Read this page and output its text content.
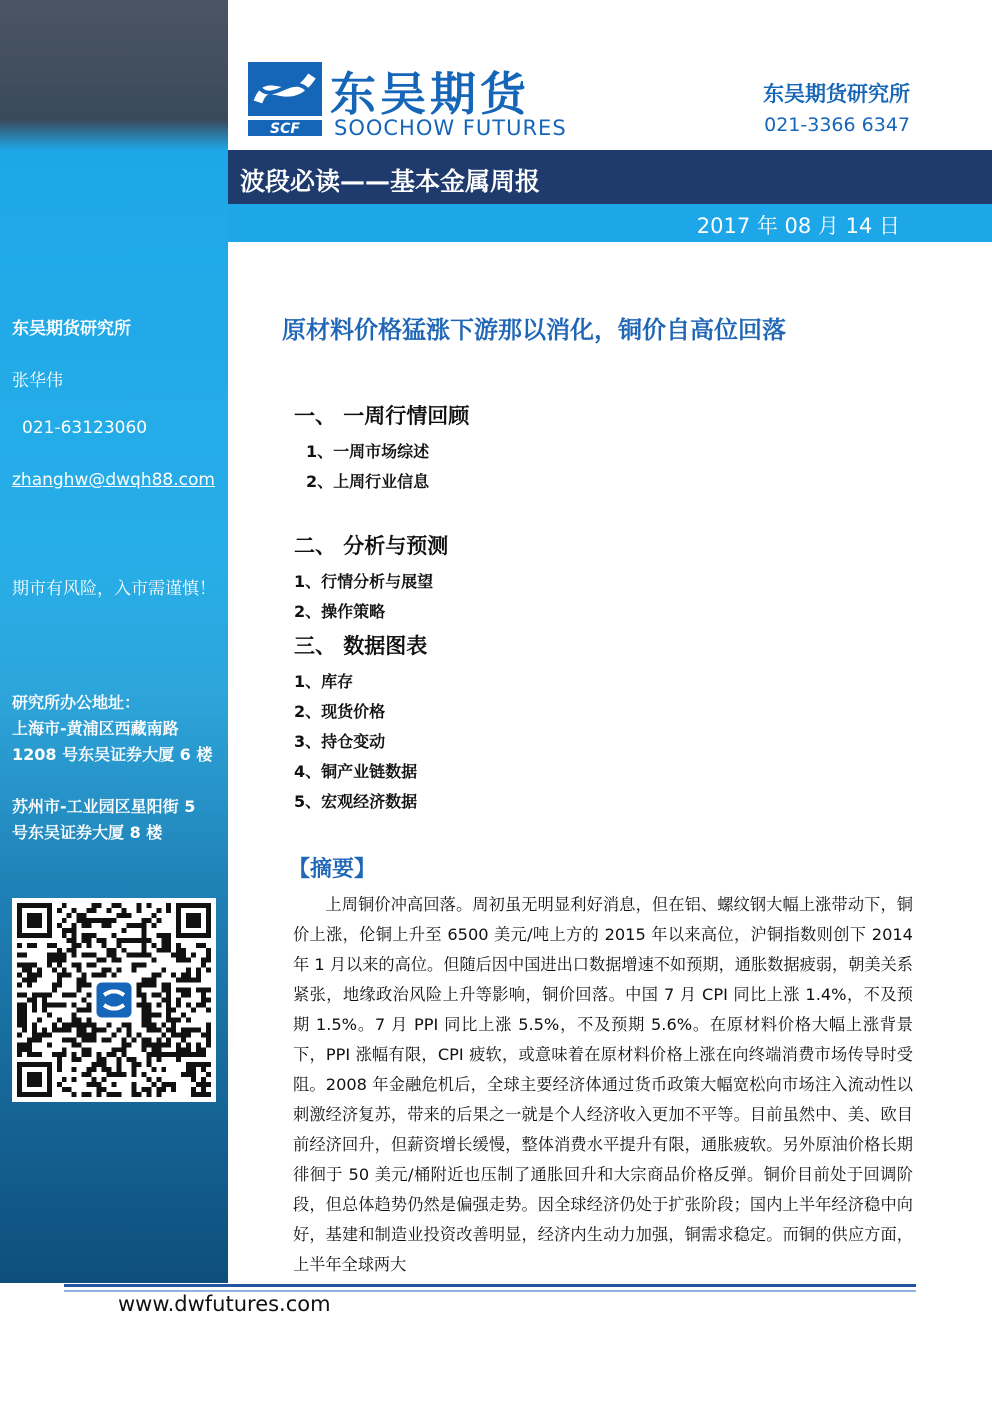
东吴期货研究所
张华伟
021-63123060
zhanghw@dwqh88.com
期市有风险，入市需谨慎！
研究所办公地址：
上海市-黄浦区西藏南路
1208 号东吴证券大厦 6 楼
苏州市-工业园区星阳街 5
号东吴证券大厦 8 楼
SCF
东吴期货
SOOCHOW FUTURES
东吴期货研究所
021-3366 6347
波段必读——基本金属周报
2017 年 08 月 14 日
原材料价格猛涨下游那以消化，铜价自高位回落
一、 一周行情回顾
1、一周市场综述
2、上周行业信息
二、 分析与预测
1、行情分析与展望
2、操作策略
三、 数据图表
1、库存
2、现货价格
3、持仓变动
4、铜产业链数据
5、宏观经济数据
【摘要】
上周铜价冲高回落。周初虽无明显利好消息，但在铝、螺纹钢大幅上涨带动下，铜价上涨，伦铜上升至 6500 美元/吨上方的 2015 年以来高位，沪铜指数则创下 2014 年 1 月以来的高位。但随后因中国进出口数据增速不如预期，通胀数据疲弱，朝美关系紧张，地缘政治风险上升等影响，铜价回落。中国 7 月 CPI 同比上涨 1.4%，不及预期 1.5%。7 月 PPI 同比上涨 5.5%，不及预期 5.6%。在原材料价格大幅上涨背景下，PPI 涨幅有限，CPI 疲软，或意味着在原材料价格上涨在向终端消费市场传导时受阻。2008 年金融危机后，全球主要经济体通过货币政策大幅宽松向市场注入流动性以刺激经济复苏，带来的后果之一就是个人经济收入更加不平等。目前虽然中、美、欧目前经济回升，但薪资增长缓慢，整体消费水平提升有限，通胀疲软。另外原油价格长期徘徊于 50 美元/桶附近也压制了通胀回升和大宗商品价格反弹。铜价目前处于回调阶段，但总体趋势仍然是偏强走势。因全球经济仍处于扩张阶段；国内上半年经济稳中向好，基建和制造业投资改善明显，经济内生动力加强，铜需求稳定。而铜的供应方面，上半年全球两大
www.dwfutures.com
